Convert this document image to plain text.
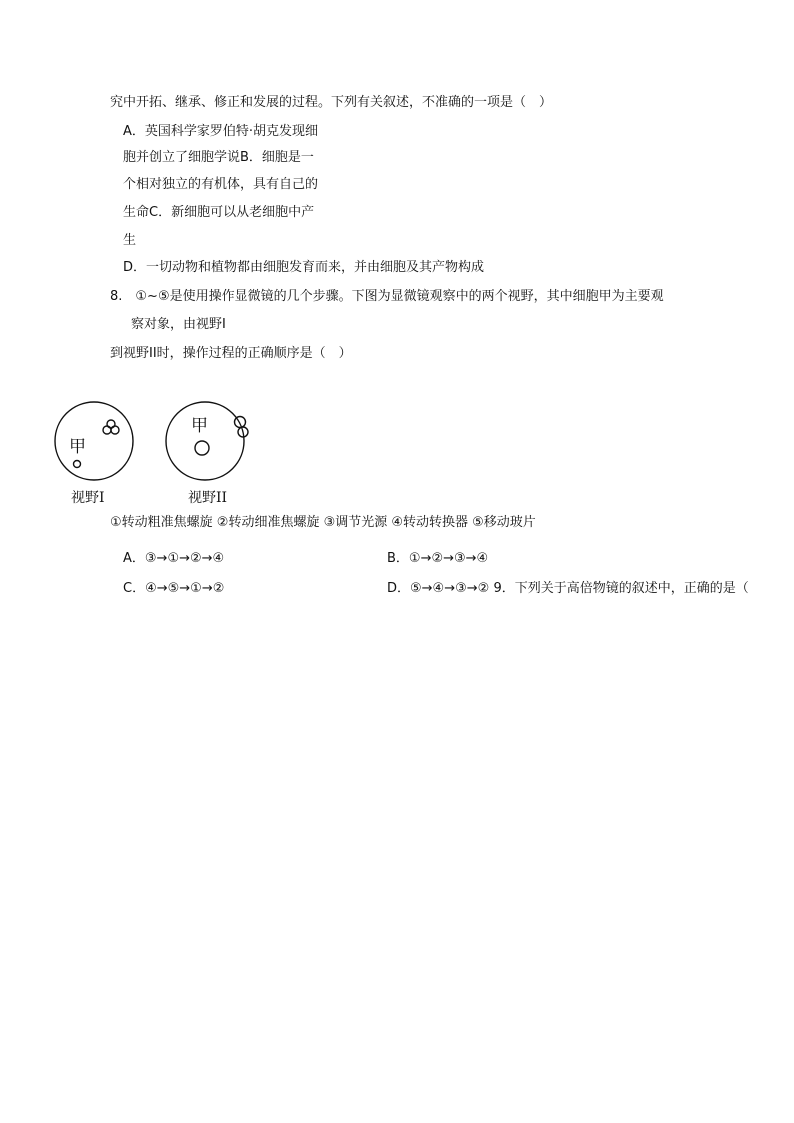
究中开拓、继承、修正和发展的过程。下列有关叙述，不准确的一项是（　）
A．英国科学家罗伯特·胡克发现细
胞并创立了细胞学说B．细胞是一
个相对独立的有机体，具有自己的
生命C．新细胞可以从老细胞中产
生
D．一切动物和植物都由细胞发育而来，并由细胞及其产物构成
8.　①~⑤是使用操作显微镜的几个步骤。下图为显微镜观察中的两个视野，其中细胞甲为主要观
察对象，由视野Ⅰ
到视野II时，操作过程的正确顺序是（　）
甲
甲
视野I	视野II
①转动粗准焦螺旋 ②转动细准焦螺旋 ③调节光源 ④转动转换器 ⑤移动玻片
A．③→①→②→④	B．①→②→③→④
C．④→⑤→①→②	D．⑤→④→③→② 9．下列关于高倍物镜的叙述中，正确的是（
